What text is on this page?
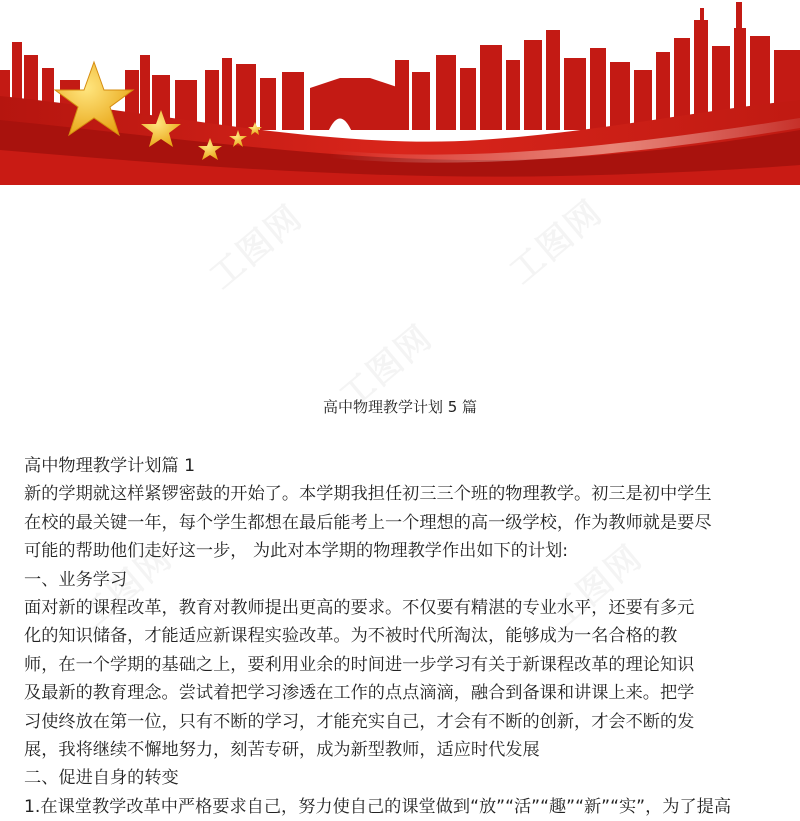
高中物理教学计划 5 篇
高中物理教学计划篇 1
新的学期就这样紧锣密鼓的开始了。本学期我担任初三三个班的物理教学。初三是初中学生
在校的最关键一年，每个学生都想在最后能考上一个理想的高一级学校，作为教师就是要尽
可能的帮助他们走好这一步， 为此对本学期的物理教学作出如下的计划:
一、业务学习
面对新的课程改革，教育对教师提出更高的要求。不仅要有精湛的专业水平，还要有多元
化的知识储备，才能适应新课程实验改革。为不被时代所淘汰，能够成为一名合格的教
师，在一个学期的基础之上，要利用业余的时间进一步学习有关于新课程改革的理论知识
及最新的教育理念。尝试着把学习渗透在工作的点点滴滴，融合到备课和讲课上来。把学
习使终放在第一位，只有不断的学习，才能充实自己，才会有不断的创新，才会不断的发
展，我将继续不懈地努力，刻苦专研，成为新型教师，适应时代发展
二、促进自身的转变
1.在课堂教学改革中严格要求自己，努力使自己的课堂做到“放”“活”“趣”“新”“实”，为了提高
